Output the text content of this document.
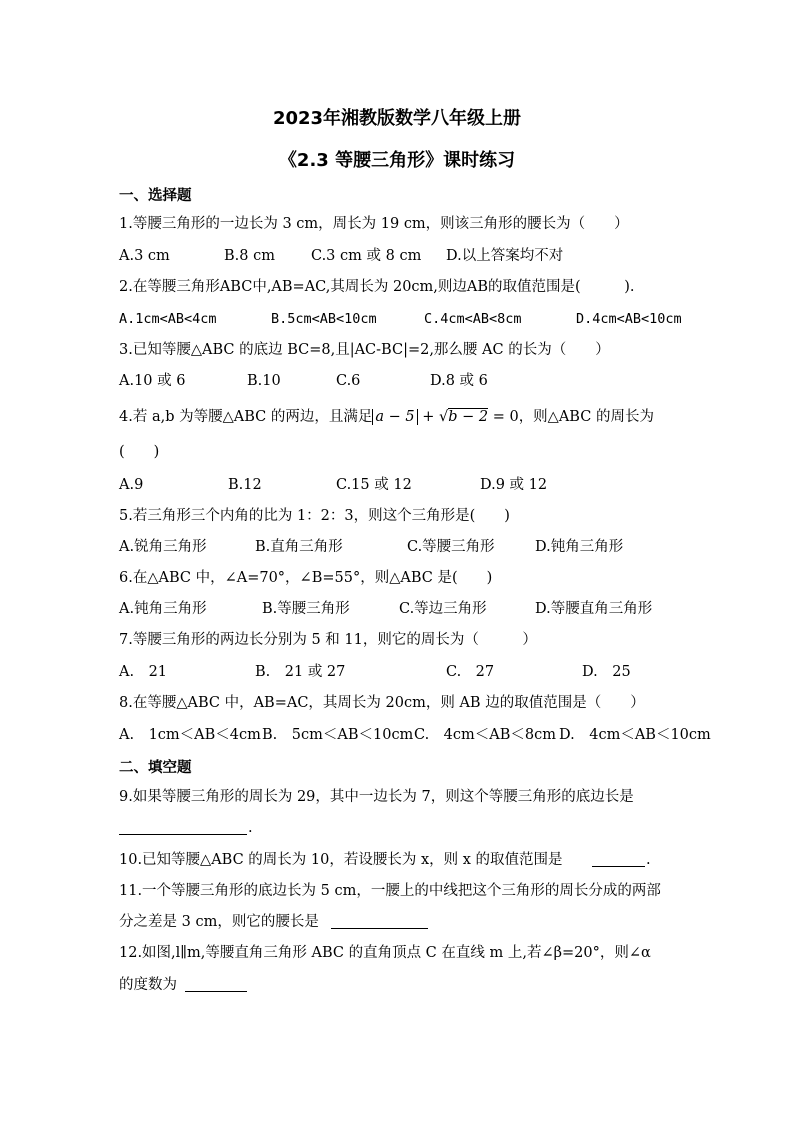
2023年湘教版数学八年级上册
《2.3 等腰三角形》课时练习
一、选择题
1.等腰三角形的一边长为 3 cm，周长为 19 cm，则该三角形的腰长为（　　）
A.3 cm	B.8 cm C.3 cm 或 8 cm D.以上答案均不对
2.在等腰三角形ABC中,AB=AC,其周长为 20cm,则边AB的取值范围是(　　　).
A.1cm<AB<4cm	B.5cm<AB<10cm	C.4cm<AB<8cm	D.4cm<AB<10cm
3.已知等腰△ABC 的底边 BC=8,且|AC-BC|=2,那么腰 AC 的长为（　　）
A.10 或 6	B.10	C.6	D.8 或 6
4.若 a,b 为等腰△ABC 的两边，且满足 a − 5 + √b − 2 = 0，则△ABC 的周长为
(　　)
A.9	B.12	C.15 或 12	D.9 或 12
5.若三角形三个内角的比为 1：2：3，则这个三角形是(　　)
A.锐角三角形	B.直角三角形	C.等腰三角形	D.钝角三角形
6.在△ABC 中，∠A=70°，∠B=55°，则△ABC 是(　　)
A.钝角三角形	B.等腰三角形	C.等边三角形	D.等腰直角三角形
7.等腰三角形的两边长分别为 5 和 11，则它的周长为（　　　）
A.　21	B.　21 或 27	C.　27	D.　25
8.在等腰△ABC 中，AB=AC，其周长为 20cm，则 AB 边的取值范围是（　　）
A.　1cm＜AB＜4cm B.　5cm＜AB＜10cm C.　4cm＜AB＜8cm D.　4cm＜AB＜10cm
二、填空题
9.如果等腰三角形的周长为 29，其中一边长为 7，则这个等腰三角形的底边长是
.
10.已知等腰△ABC 的周长为 10，若设腰长为 x，则 x 的取值范围是	.
11.一个等腰三角形的底边长为 5 cm，一腰上的中线把这个三角形的周长分成的两部
分之差是 3 cm，则它的腰长是
12.如图,l∥m,等腰直角三角形 ABC 的直角顶点 C 在直线 m 上,若∠β=20°，则∠α
的度数为
